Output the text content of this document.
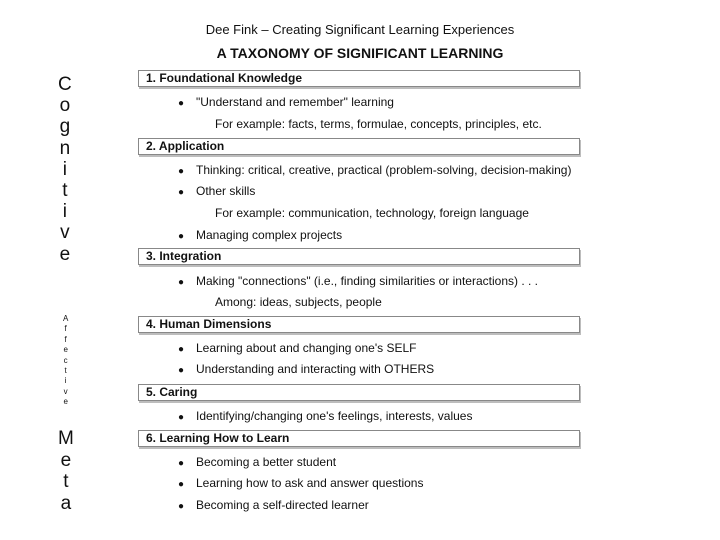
C
o
g
n
i
t
i
v
e
A
f
f
e
c
t
i
v
e
M
e
t
a
Dee Fink – Creating Significant Learning Experiences
A TAXONOMY OF SIGNIFICANT LEARNING
1. Foundational Knowledge
● "Understand and remember" learning
For example: facts, terms, formulae, concepts, principles, etc.
2. Application
● Thinking: critical, creative, practical (problem-solving, decision-making)
● Other skills
For example: communication, technology, foreign language
● Managing complex projects
3. Integration
● Making "connections" (i.e., finding similarities or interactions) . . .
Among: ideas, subjects, people
4. Human Dimensions
● Learning about and changing one's SELF
● Understanding and interacting with OTHERS
5. Caring
● Identifying/changing one's feelings, interests, values
6. Learning How to Learn
● Becoming a better student
● Learning how to ask and answer questions
● Becoming a self-directed learner
